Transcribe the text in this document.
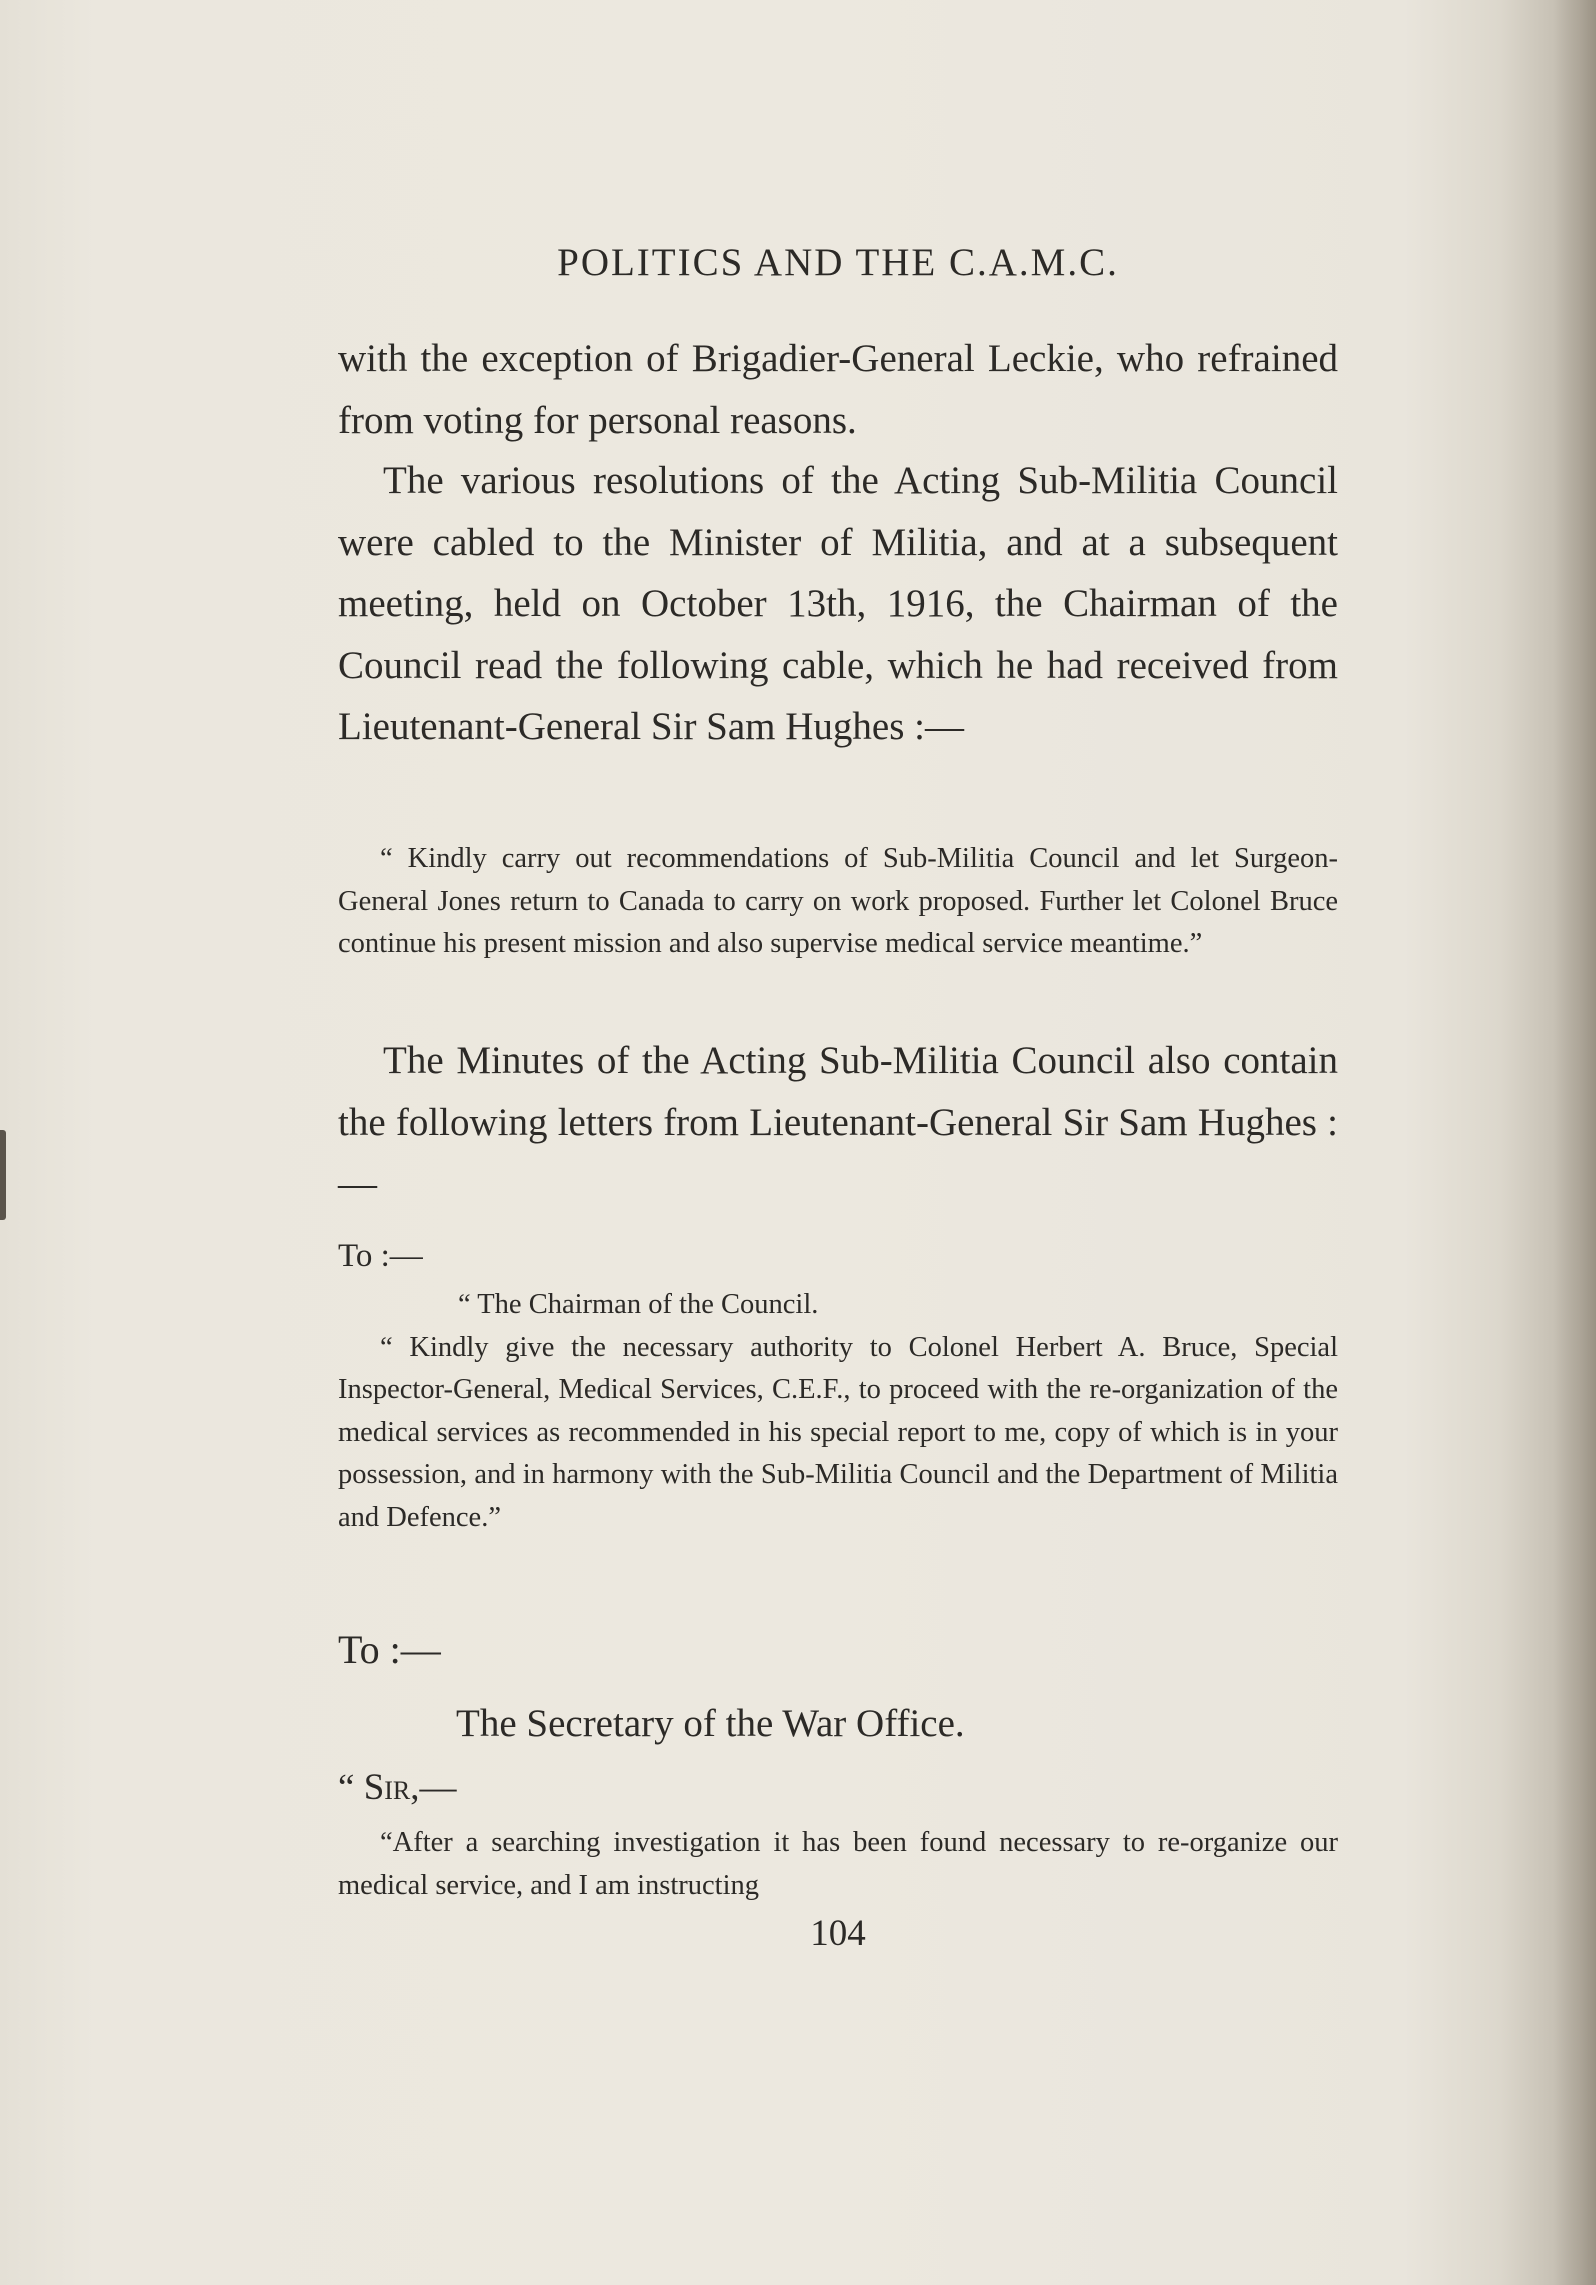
POLITICS AND THE C.A.M.C.

with the exception of Brigadier-General Leckie, who refrained from voting for personal reasons.

The various resolutions of the Acting Sub-Militia Council were cabled to the Minister of Militia, and at a subsequent meeting, held on October 13th, 1916, the Chairman of the Council read the following cable, which he had received from Lieutenant-General Sir Sam Hughes :—

“ Kindly carry out recommendations of Sub-Militia Council and let Surgeon-General Jones return to Canada to carry on work proposed. Further let Colonel Bruce continue his present mission and also supervise medical service meantime.”

The Minutes of the Acting Sub-Militia Council also contain the following letters from Lieutenant-General Sir Sam Hughes :—

To :—

“ The Chairman of the Council.

“ Kindly give the necessary authority to Colonel Herbert A. Bruce, Special Inspector-General, Medical Services, C.E.F., to proceed with the re-organization of the medical services as recommended in his special report to me, copy of which is in your possession, and in harmony with the Sub-Militia Council and the Department of Militia and Defence.”

To :—

The Secretary of the War Office.

“ Sir,—

“After a searching investigation it has been found necessary to re-organize our medical service, and I am instructing

104
